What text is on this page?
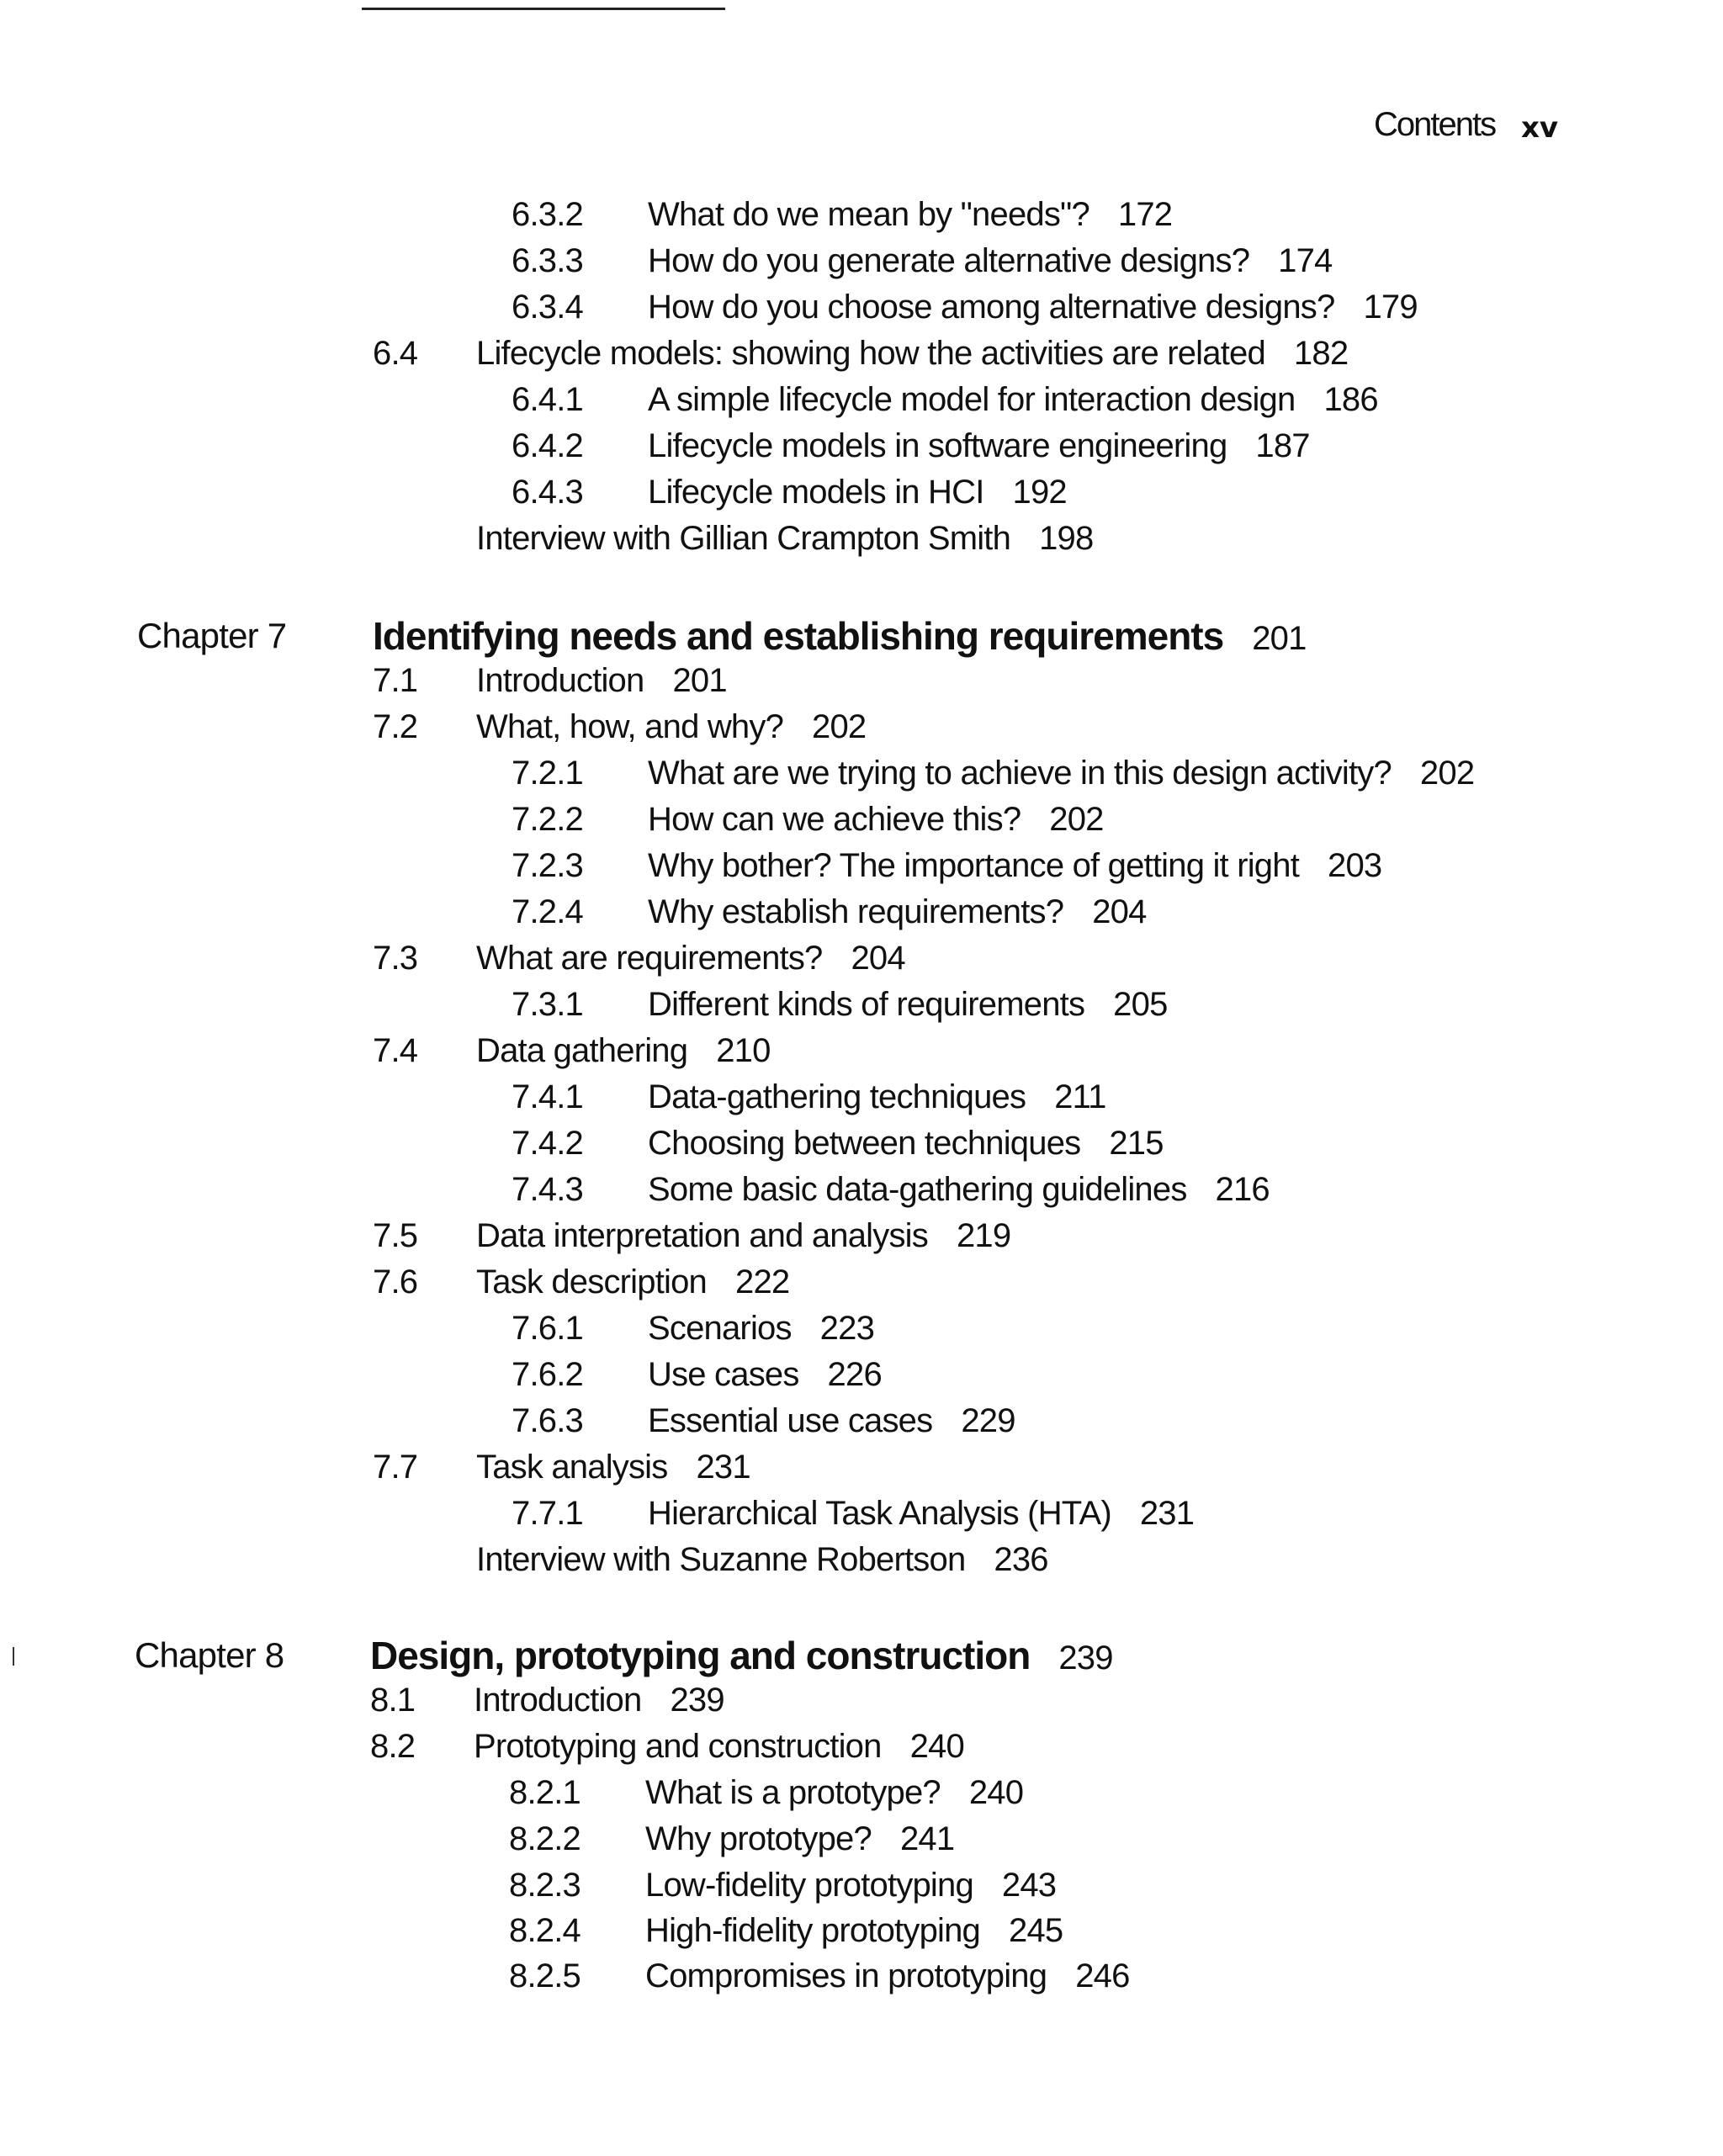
Contents xv
6.3.2 What do we mean by "needs"? 172
6.3.3 How do you generate alternative designs? 174
6.3.4 How do you choose among alternative designs? 179
6.4 Lifecycle models: showing how the activities are related 182
6.4.1 A simple lifecycle model for interaction design 186
6.4.2 Lifecycle models in software engineering 187
6.4.3 Lifecycle models in HCI 192
Interview with Gillian Crampton Smith 198
Chapter 7 Identifying needs and establishing requirements 201
7.1 Introduction 201
7.2 What, how, and why? 202
7.2.1 What are we trying to achieve in this design activity? 202
7.2.2 How can we achieve this? 202
7.2.3 Why bother? The importance of getting it right 203
7.2.4 Why establish requirements? 204
7.3 What are requirements? 204
7.3.1 Different kinds of requirements 205
7.4 Data gathering 210
7.4.1 Data-gathering techniques 211
7.4.2 Choosing between techniques 215
7.4.3 Some basic data-gathering guidelines 216
7.5 Data interpretation and analysis 219
7.6 Task description 222
7.6.1 Scenarios 223
7.6.2 Use cases 226
7.6.3 Essential use cases 229
7.7 Task analysis 231
7.7.1 Hierarchical Task Analysis (HTA) 231
Interview with Suzanne Robertson 236
Chapter 8 Design, prototyping and construction 239
8.1 Introduction 239
8.2 Prototyping and construction 240
8.2.1 What is a prototype? 240
8.2.2 Why prototype? 241
8.2.3 Low-fidelity prototyping 243
8.2.4 High-fidelity prototyping 245
8.2.5 Compromises in prototyping 246
